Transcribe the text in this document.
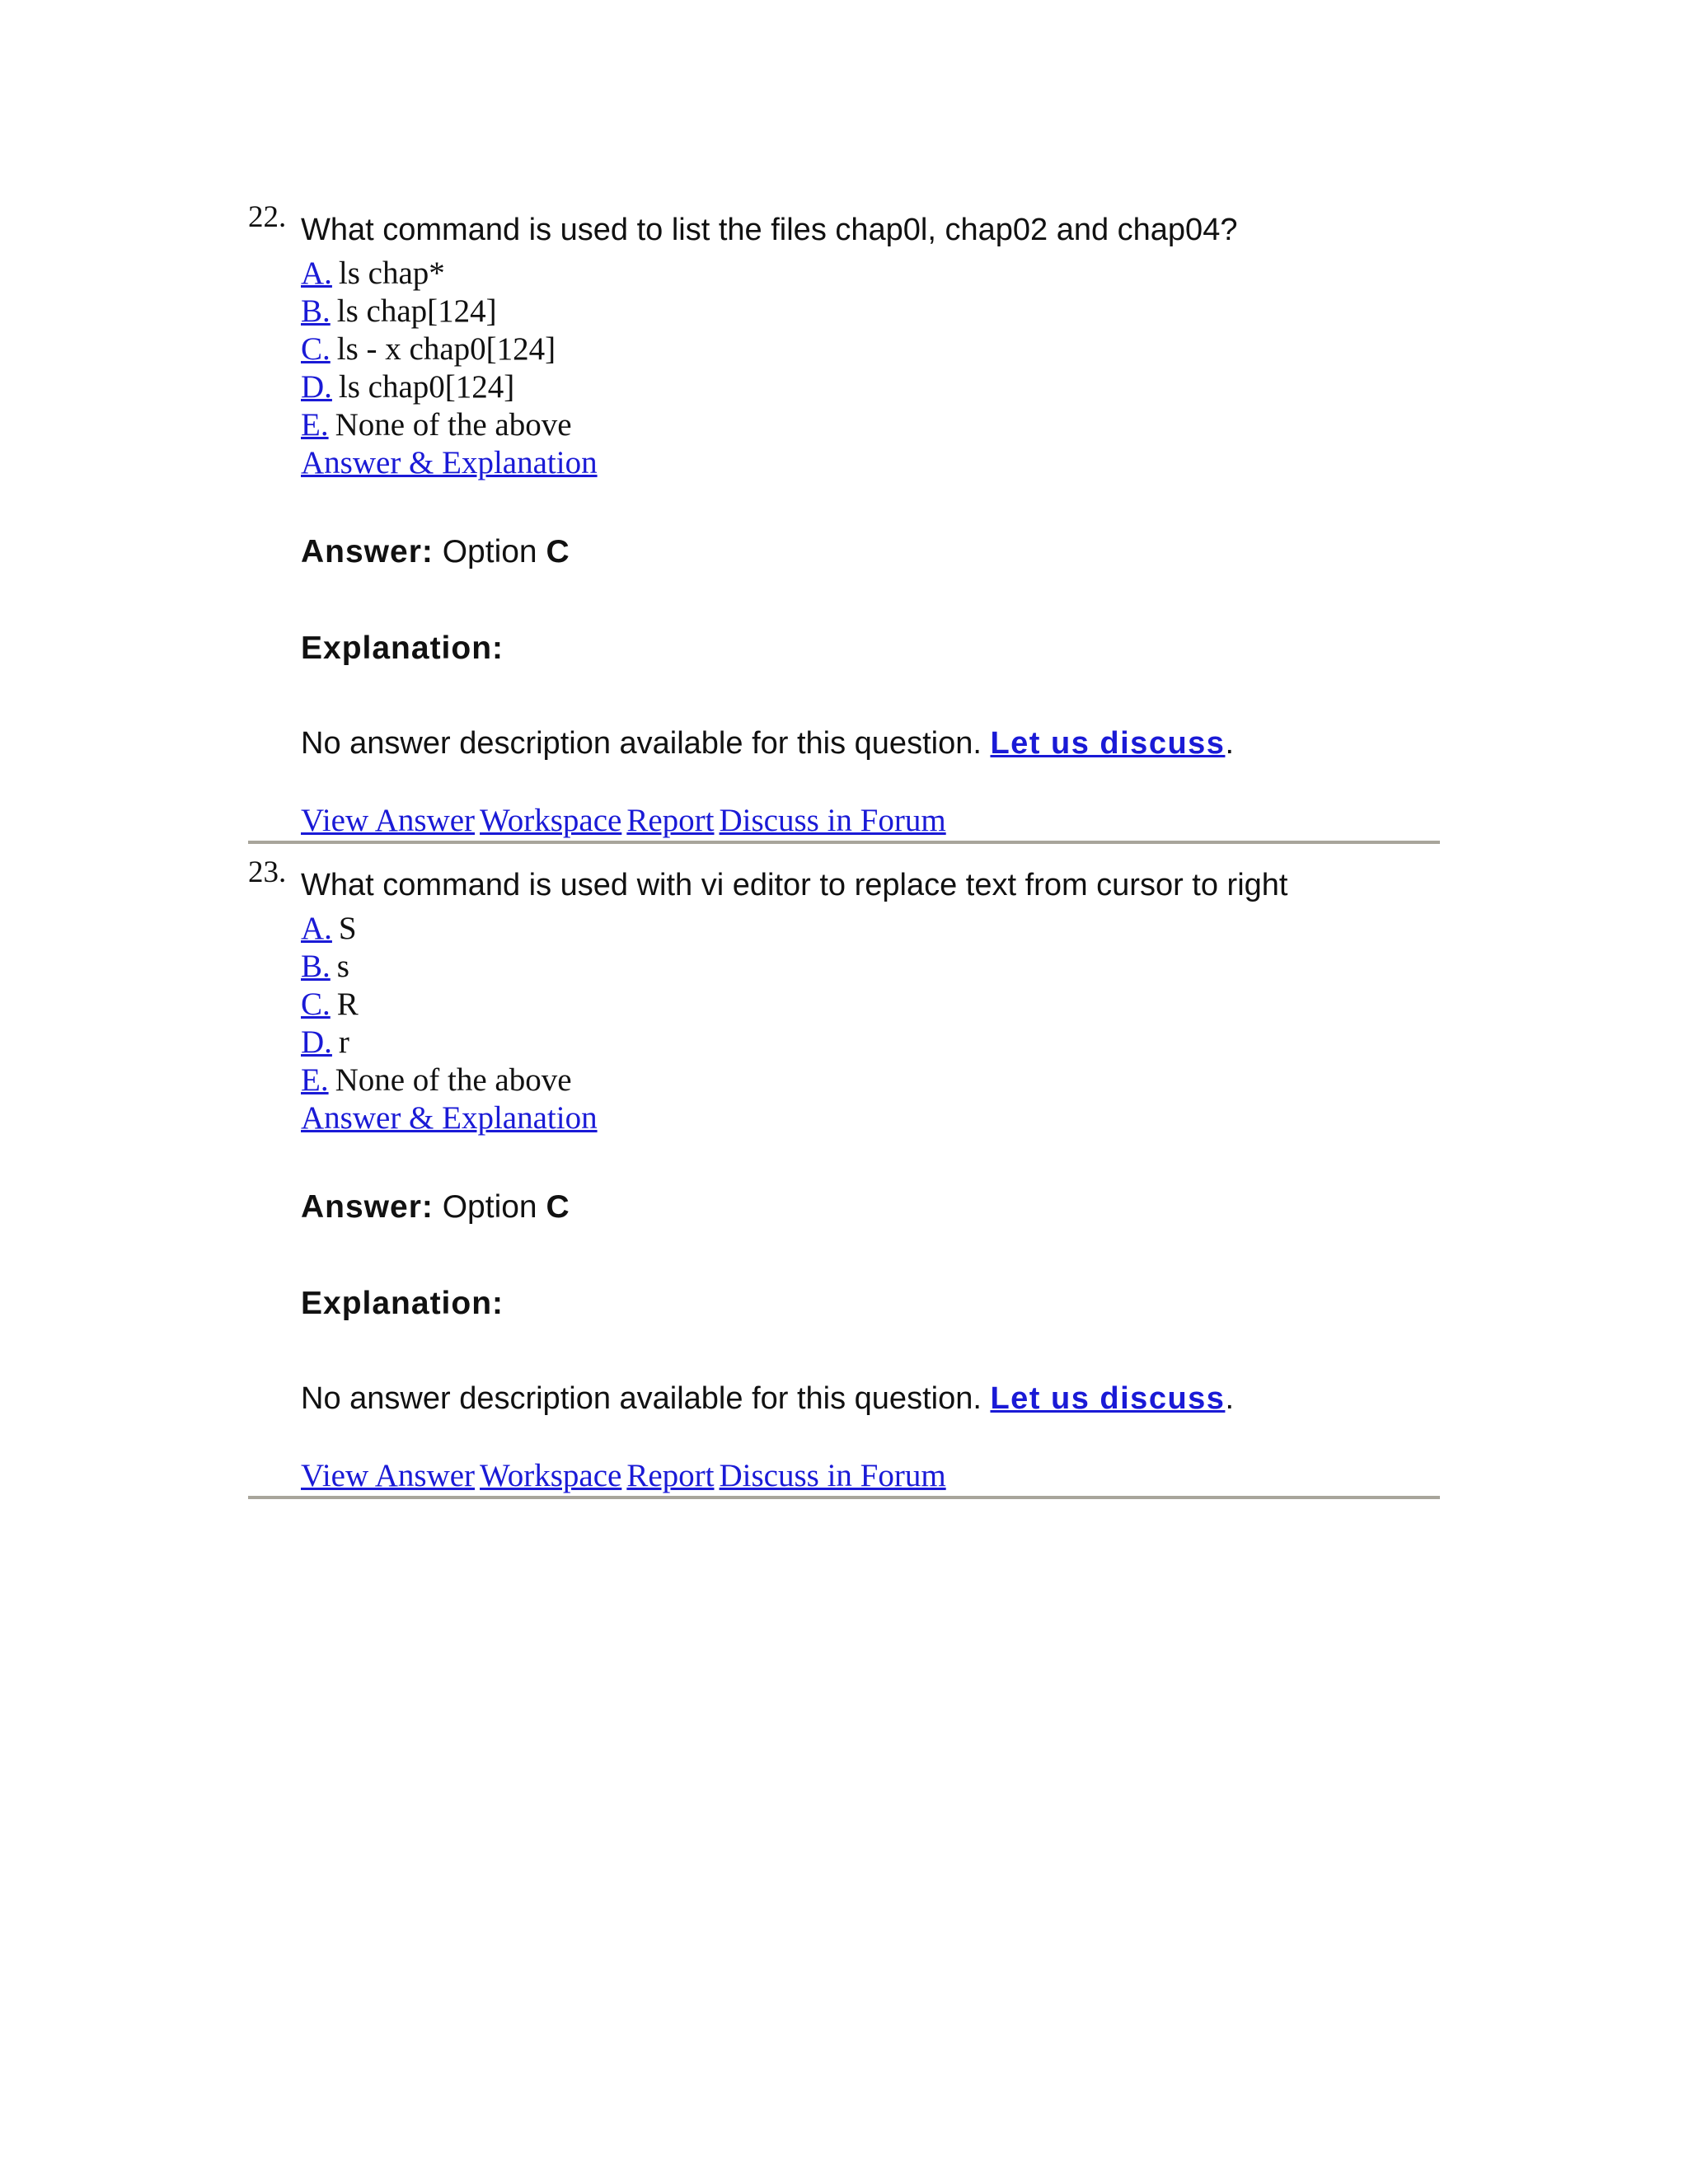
22. What command is used to list the files chap0l, chap02 and chap04?
A. ls chap*
B. ls chap[124]
C. ls - x chap0[124]
D. ls chap0[124]
E. None of the above
Answer & Explanation
Answer: Option C
Explanation:
No answer description available for this question. Let us discuss.
View Answer Workspace Report Discuss in Forum
23. What command is used with vi editor to replace text from cursor to right
A. S
B. s
C. R
D. r
E. None of the above
Answer & Explanation
Answer: Option C
Explanation:
No answer description available for this question. Let us discuss.
View Answer Workspace Report Discuss in Forum
